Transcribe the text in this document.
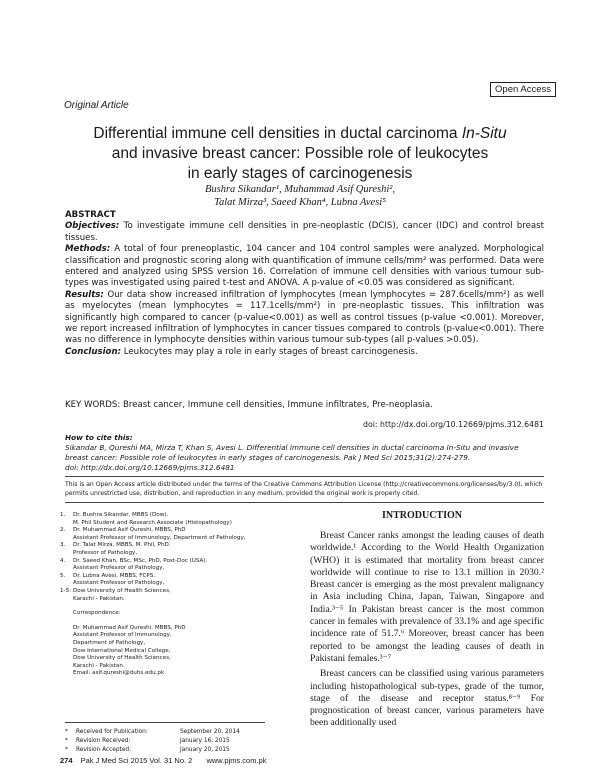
Open Access
Original Article
Differential immune cell densities in ductal carcinoma In-Situ
and invasive breast cancer: Possible role of leukocytes
in early stages of carcinogenesis
Bushra Sikandar¹, Muhammad Asif Qureshi²,
Talat Mirza³, Saeed Khan⁴, Lubna Avesi⁵

ABSTRACT

Objectives: To investigate immune cell densities in pre-neoplastic (DCIS), cancer (IDC) and control breast tissues.

Methods: A total of four preneoplastic, 104 cancer and 104 control samples were analyzed. Morphological classification and prognostic scoring along with quantification of immune cells/mm² was performed. Data were entered and analyzed using SPSS version 16. Correlation of immune cell densities with various tumour sub-types was investigated using paired t-test and ANOVA. A p-value of <0.05 was considered as significant.

Results: Our data show increased infiltration of lymphocytes (mean lymphocytes = 287.6cells/mm²) as well as myelocytes (mean lymphocytes = 117.1cells/mm²) in pre-neoplastic tissues. This infiltration was significantly high compared to cancer (p-value<0.001) as well as control tissues (p-value <0.001). Moreover, we report increased infiltration of lymphocytes in cancer tissues compared to controls (p-value<0.001). There was no difference in lymphocyte densities within various tumour sub-types (all p-values >0.05).

Conclusion: Leukocytes may play a role in early stages of breast carcinogenesis.

KEY WORDS: Breast cancer, Immune cell densities, Immune infiltrates, Pre-neoplasia.
doi: http://dx.doi.org/10.12669/pjms.312.6481
How to cite this:
Sikandar B, Qureshi MA, Mirza T, Khan S, Avesi L. Differential immune cell densities in ductal carcinoma In-Situ and invasive breast cancer: Possible role of leukocytes in early stages of carcinogenesis. Pak J Med Sci 2015;31(2):274-279.
doi: http://dx.doi.org/10.12669/pjms.312.6481
This is an Open Access article distributed under the terms of the Creative Commons Attribution License (http://creativecommons.org/licenses/by/3.0), which permits unrestricted use, distribution, and reproduction in any medium, provided the original work is properly cited.
1.	Dr. Bushra Sikandar, MBBS (Dow).
M. Phil Student and Research Associate (Histopathology)
2.	Dr. Muhammad Asif Qureshi, MBBS, PhD
Assistant Professor of Immunology, Department of Pathology,
3.	Dr. Talat Mirza, MBBS, M. Phil, PhD.
Professor of Pathology,
4.	Dr. Saeed Khan, BSc, MSc, PhD, Post-Doc (USA).
Assistant Professor of Pathology,
5.	Dr. Lubna Avesi, MBBS, FCPS.
Assistant Professor of Pathology,
1-5: Dow University of Health Sciences,
Karachi - Pakistan.
Correspondence:
Dr. Muhammad Asif Qureshi, MBBS, PhD
Assistant Professor of Immunology,
Department of Pathology,
Dow International Medical College,
Dow University of Health Sciences,
Karachi - Pakistan.
Email: asif.qureshi@duhs.edu.pk
*	Received for Publication:	September 20, 2014
*	Revision Received:	January 16, 2015
*	Revision Accepted:	January 20, 2015
INTRODUCTION

Breast Cancer ranks amongst the leading causes of death worldwide.¹ According to the World Health Organization (WHO) it is estimated that mortality from breast cancer worldwide will continue to rise to 13.1 million in 2030.² Breast cancer is emerging as the most prevalent malignancy in Asia including China, Japan, Taiwan, Singapore and India.³⁻⁵ In Pakistan breast cancer is the most common cancer in females with prevalence of 33.1% and age specific incidence rate of 51.7.⁶ Moreover, breast cancer has been reported to be amongst the leading causes of death in Pakistani females.³⁻⁷

Breast cancers can be classified using various parameters including histopathological sub-types, grade of the tumor, stage of the disease and receptor status.⁸⁻⁹ For prognostication of breast cancer, various parameters have been additionally used

274 Pak J Med Sci 2015 Vol. 31 No. 2 www.pjms.com.pk
